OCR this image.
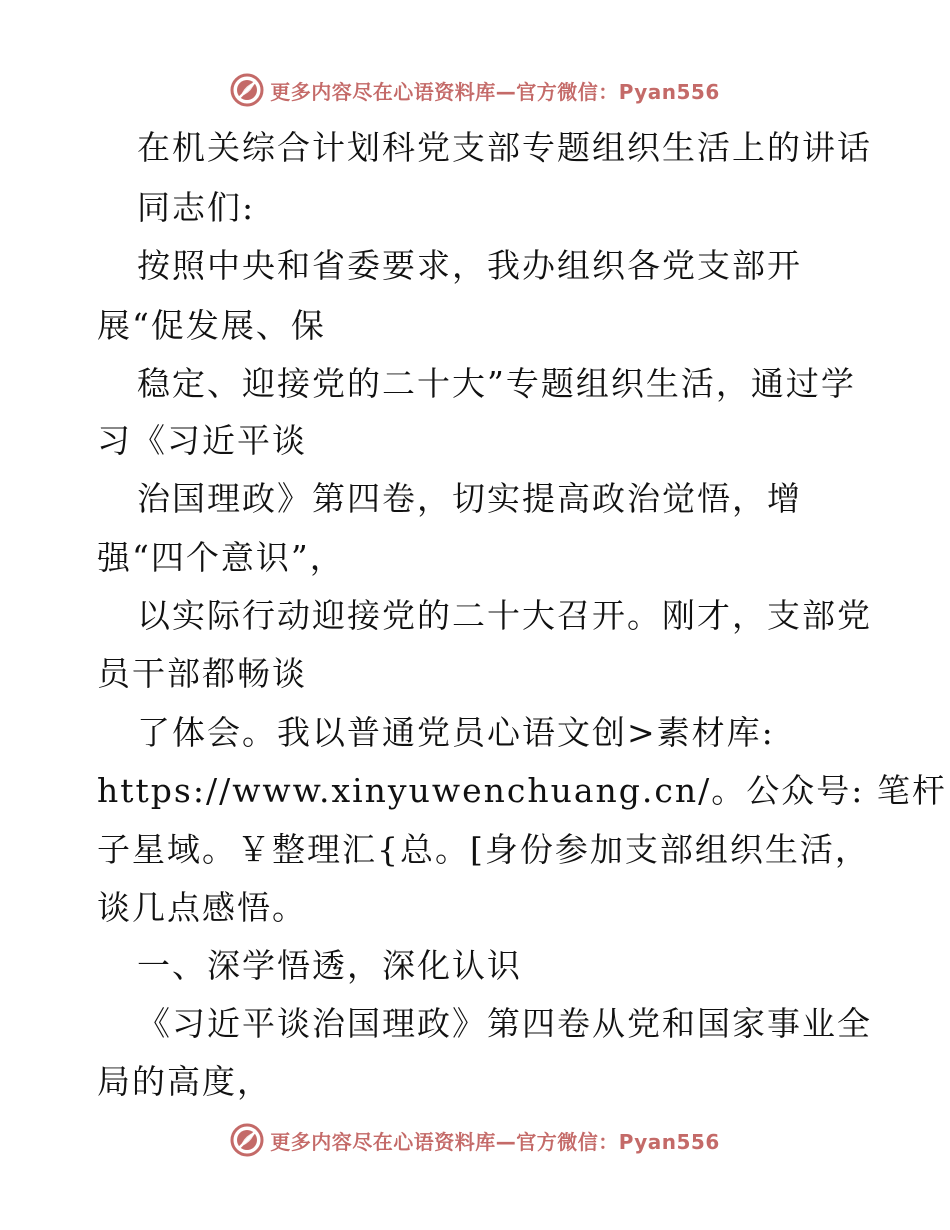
更多内容尽在心语资料库—官方微信：Pyan556
在机关综合计划科党支部专题组织生活上的讲话
同志们:
按照中央和省委要求，我办组织各党支部开
展“促发展、保
稳定、迎接党的二十大”专题组织生活，通过学
习《习近平谈
治国理政》第四卷，切实提高政治觉悟，增
强“四个意识”，
以实际行动迎接党的二十大召开。刚才，支部党
员干部都畅谈
了体会。我以普通党员心语文创>素材库:
https://www.xinyuwenchuang.cn/。公众号: 笔杆
子星域。￥整理汇{总。[身份参加支部组织生活，
谈几点感悟。
一、深学悟透，深化认识
《习近平谈治国理政》第四卷从党和国家事业全
局的高度，
更多内容尽在心语资料库—官方微信：Pyan556
